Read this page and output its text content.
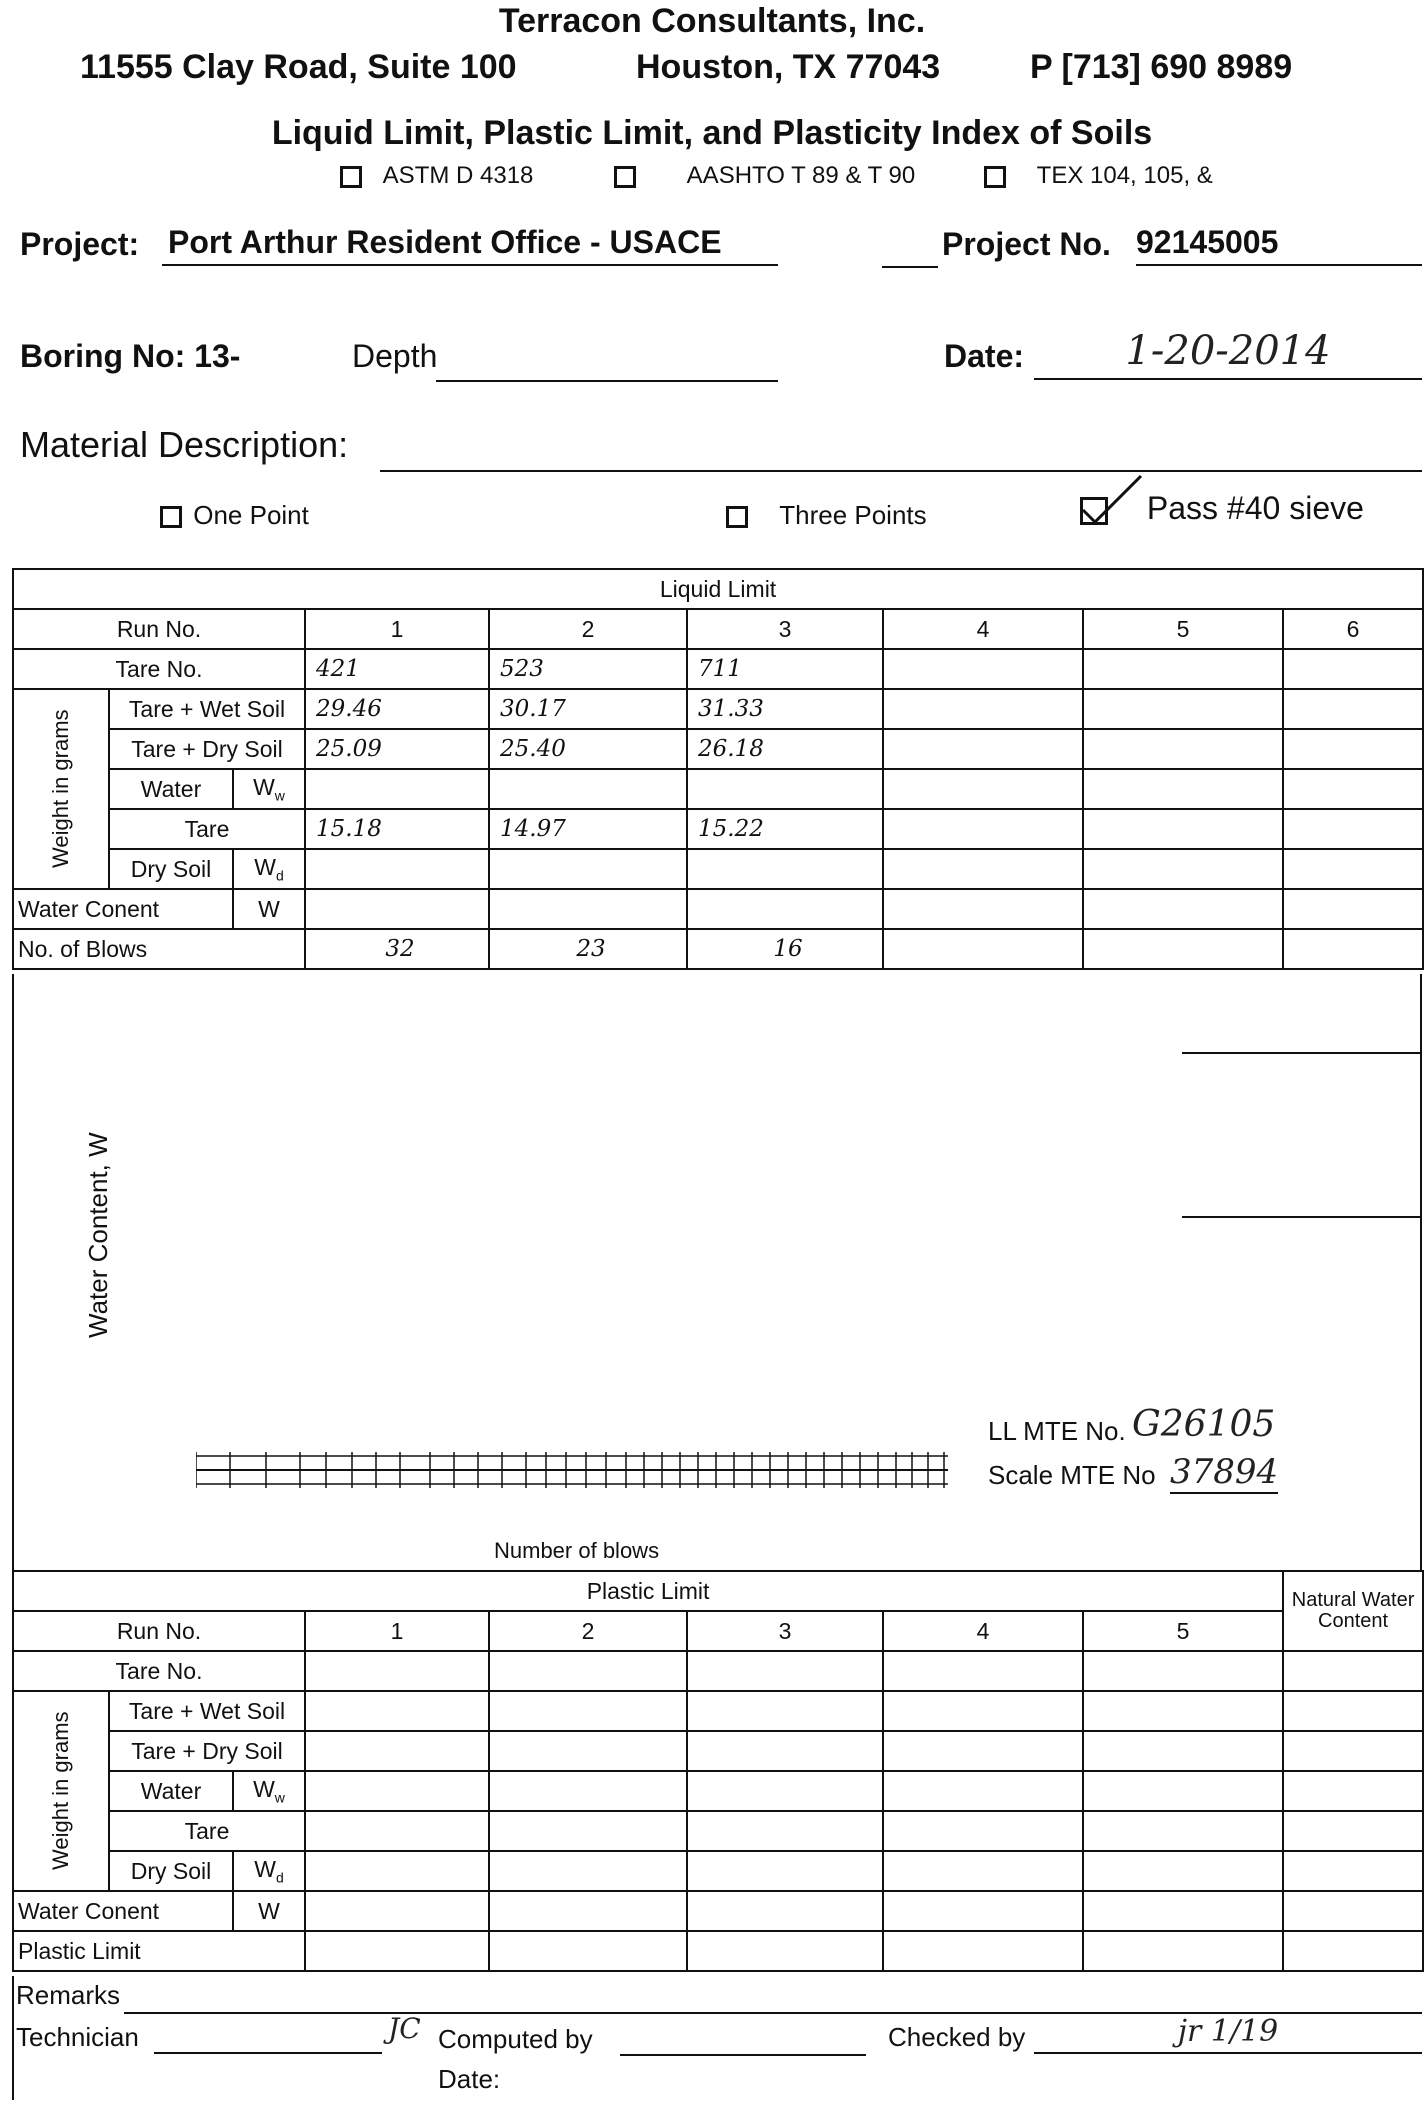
Terracon Consultants, Inc.
11555 Clay Road, Suite 100	Houston, TX 77043	P [713] 690 8989
Liquid Limit, Plastic Limit, and Plasticity Index of Soils
ASTM D 4318	AASHTO T 89 & T 90	TEX 104, 105, &
Project: Port Arthur Resident Office - USACE	Project No. 92145005
Boring No: 13-	Depth	Date:	1-20-2014
Material Description:
One Point	Three Points	Pass #40 sieve
Liquid Limit								
Run No.			1	2	3	4	5	6
Tare No.			421	523	711			

Weight in grams	Tare + Wet Soil		29.46	30.17	31.33			
	Tare + Dry Soil		25.09	25.40	26.18			
	Water	$W_w$						
	Tare		15.18	14.97	15.22			
	Dry Soil	$W_d$						
Water Conent		W						
No. of Blows			32	23	16			
Water Content, W
LL MTE No. G26105
Scale MTE No 37894
Number of blows
Plastic Limit								Natural Water Content
Run No.			1	2	3	4	5	
Tare No.								

Weight in grams	Tare + Wet Soil							
	Tare + Dry Soil							
	Water	$W_w$						
	Tare							
	Dry Soil	$W_d$						
Water Conent		W						
Plastic Limit								
Remarks
Technician	JC Computed by	Checked by	jr 1/19
Date:
